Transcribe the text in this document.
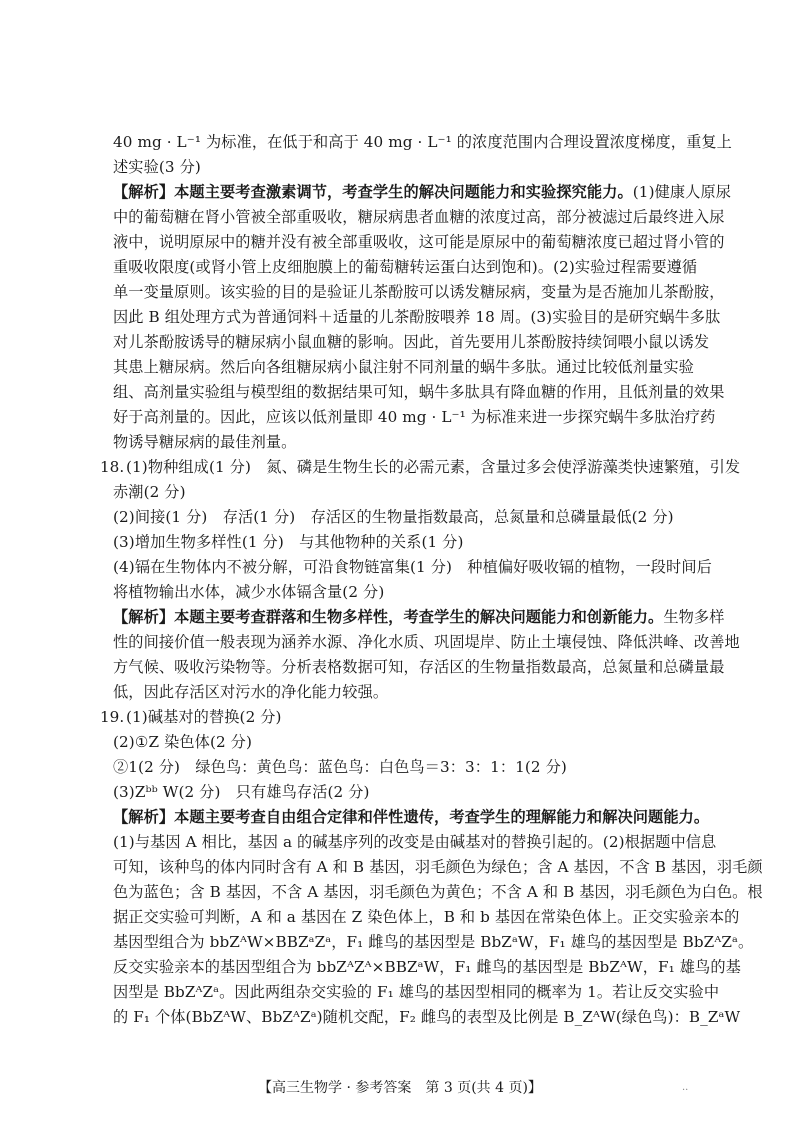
40 mg · L⁻¹ 为标准，在低于和高于 40 mg · L⁻¹ 的浓度范围内合理设置浓度梯度，重复上
述实验(3 分)
【解析】本题主要考查激素调节，考查学生的解决问题能力和实验探究能力。(1)健康人原尿
中的葡萄糖在肾小管被全部重吸收，糖尿病患者血糖的浓度过高，部分被滤过后最终进入尿
液中，说明原尿中的糖并没有被全部重吸收，这可能是原尿中的葡萄糖浓度已超过肾小管的
重吸收限度(或肾小管上皮细胞膜上的葡萄糖转运蛋白达到饱和)。(2)实验过程需要遵循
单一变量原则。该实验的目的是验证儿茶酚胺可以诱发糖尿病，变量为是否施加儿茶酚胺，
因此 B 组处理方式为普通饲料＋适量的儿茶酚胺喂养 18 周。(3)实验目的是研究蜗牛多肽
对儿茶酚胺诱导的糖尿病小鼠血糖的影响。因此，首先要用儿茶酚胺持续饲喂小鼠以诱发
其患上糖尿病。然后向各组糖尿病小鼠注射不同剂量的蜗牛多肽。通过比较低剂量实验
组、高剂量实验组与模型组的数据结果可知，蜗牛多肽具有降血糖的作用，且低剂量的效果
好于高剂量的。因此，应该以低剂量即 40 mg · L⁻¹ 为标准来进一步探究蜗牛多肽治疗药
物诱导糖尿病的最佳剂量。
18. (1)物种组成(1 分)　氮、磷是生物生长的必需元素，含量过多会使浮游藻类快速繁殖，引发
赤潮(2 分)
(2)间接(1 分)　存活(1 分)　存活区的生物量指数最高，总氮量和总磷量最低(2 分)
(3)增加生物多样性(1 分)　与其他物种的关系(1 分)
(4)镉在生物体内不被分解，可沿食物链富集(1 分)　种植偏好吸收镉的植物，一段时间后
将植物输出水体，减少水体镉含量(2 分)
【解析】本题主要考查群落和生物多样性，考查学生的解决问题能力和创新能力。生物多样
性的间接价值一般表现为涵养水源、净化水质、巩固堤岸、防止土壤侵蚀、降低洪峰、改善地
方气候、吸收污染物等。分析表格数据可知，存活区的生物量指数最高，总氮量和总磷量最
低，因此存活区对污水的净化能力较强。
19. (1)碱基对的替换(2 分)
(2)①Z 染色体(2 分)
②1(2 分)　绿色鸟：黄色鸟：蓝色鸟：白色鸟＝3：3：1：1(2 分)
(3)Zᵇᵇ W(2 分)　只有雄鸟存活(2 分)
【解析】本题主要考查自由组合定律和伴性遗传，考查学生的理解能力和解决问题能力。
(1)与基因 A 相比，基因 a 的碱基序列的改变是由碱基对的替换引起的。(2)根据题中信息
可知，该种鸟的体内同时含有 A 和 B 基因，羽毛颜色为绿色；含 A 基因，不含 B 基因，羽毛颜
色为蓝色；含 B 基因，不含 A 基因，羽毛颜色为黄色；不含 A 和 B 基因，羽毛颜色为白色。根
据正交实验可判断，A 和 a 基因在 Z 染色体上，B 和 b 基因在常染色体上。正交实验亲本的
基因型组合为 bbZᴬW×BBZᵃZᵃ，F₁ 雌鸟的基因型是 BbZᵃW，F₁ 雄鸟的基因型是 BbZᴬZᵃ。
反交实验亲本的基因型组合为 bbZᴬZᴬ×BBZᵃW，F₁ 雌鸟的基因型是 BbZᴬW，F₁ 雄鸟的基
因型是 BbZᴬZᵃ。因此两组杂交实验的 F₁ 雄鸟的基因型相同的概率为 1。若让反交实验中
的 F₁ 个体(BbZᴬW、BbZᴬZᵃ)随机交配，F₂ 雌鸟的表型及比例是 B_ZᴬW(绿色鸟)：B_ZᵃW
【高三生物学 · 参考答案　第 3 页(共 4 页)】	··
